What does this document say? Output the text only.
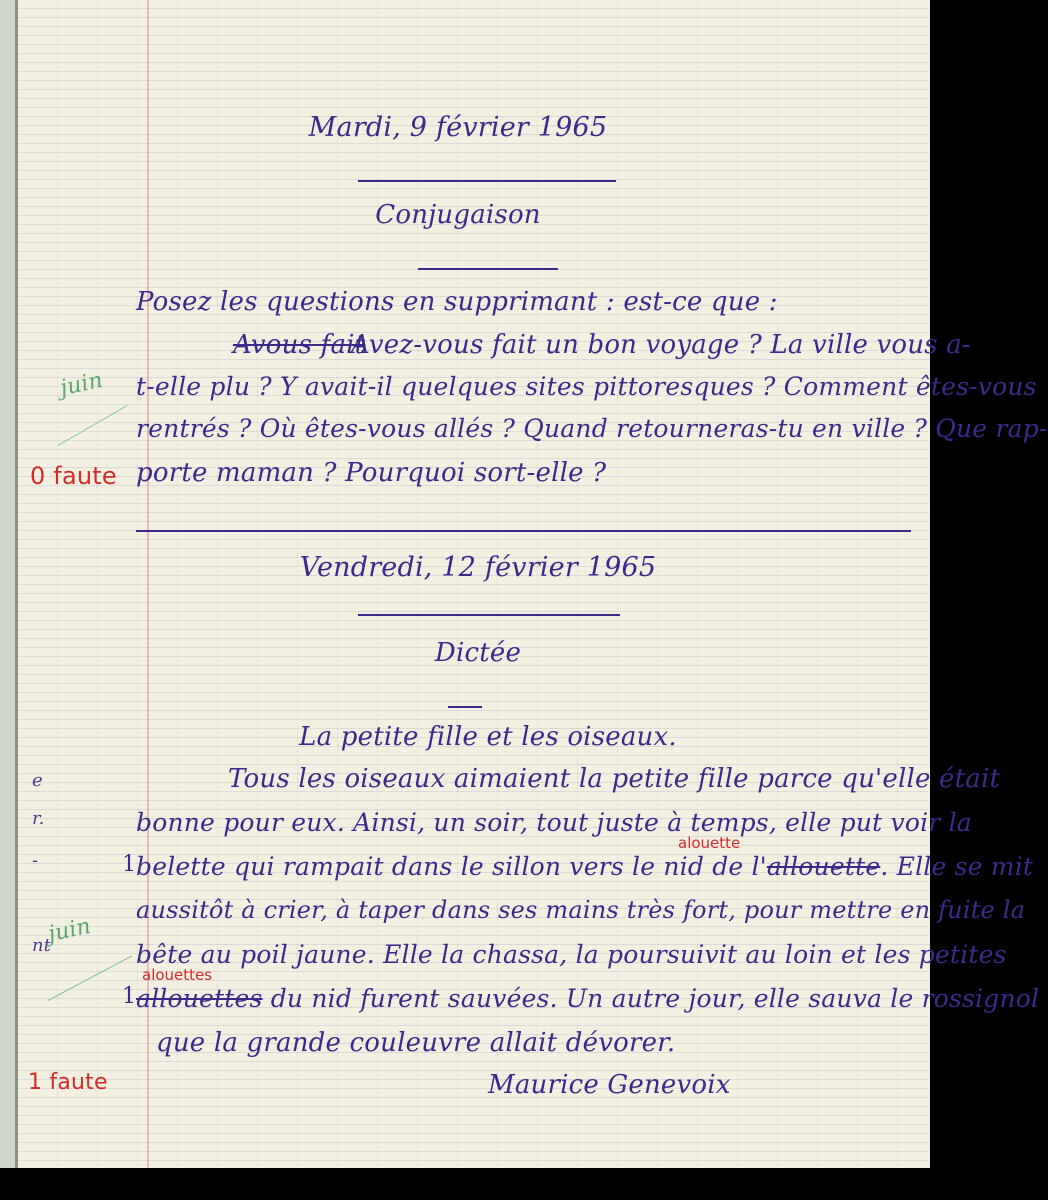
e
r.
-
nt
Mardi, 9 février 1965
Conjugaison
Posez les questions en supprimant : est-ce que :
Avous fait
Avez-vous fait un bon voyage ? La ville vous a-
t-elle plu ? Y avait-il quelques sites pittoresques ? Comment êtes-vous
rentrés ? Où êtes-vous allés ? Quand retourneras-tu en ville ? Que rap-
porte maman ? Pourquoi sort-elle ?
juin
0 faute
Vendredi, 12 février 1965
Dictée
La petite fille et les oiseaux.
Tous les oiseaux aimaient la petite fille parce qu'elle était
bonne pour eux. Ainsi, un soir, tout juste à temps, elle put voir la
belette qui rampait dans le sillon vers le nid de l'allouette. Elle se mit
alouette
aussitôt à crier, à taper dans ses mains très fort, pour mettre en fuite la
bête au poil jaune. Elle la chassa, la poursuivit au loin et les petites
allouettes du nid furent sauvées. Un autre jour, elle sauva le rossignol
alouettes
que la grande couleuvre allait dévorer.
Maurice Genevoix
1
1
juin
1 faute
